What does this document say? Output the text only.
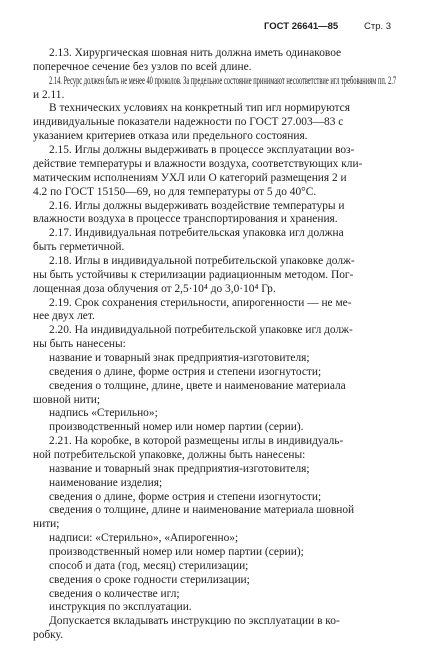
ГОСТ 26641—85	Стр. 3
2.13. Хирургическая шовная нить должна иметь одинаковое
поперечное сечение без узлов по всей длине.
2.14. Ресурс должен быть не менее 40 проколов. За предельное состояние принимают несоответствие игл требованиям пп. 2.7
и 2.11.
В технических условиях на конкретный тип игл нормируются
индивидуальные показатели надежности по ГОСТ 27.003—83 с
указанием критериев отказа или предельного состояния.
2.15. Иглы должны выдерживать в процессе эксплуатации воз-
действие температуры и влажности воздуха, соответствующих кли-
матическим исполнениям УХЛ или О категорий размещения 2 и
4.2 по ГОСТ 15150—69, но для температуры от 5 до 40°С.
2.16. Иглы должны выдерживать воздействие температуры и
влажности воздуха в процессе транспортирования и хранения.
2.17. Индивидуальная потребительская упаковка игл должна
быть герметичной.
2.18. Иглы в индивидуальной потребительской упаковке долж-
ны быть устойчивы к стерилизации радиационным методом. Пог-
лощенная доза облучения от 2,5·10⁴ до 3,0·10⁴ Гр.
2.19. Срок сохранения стерильности, апирогенности — не ме-
нее двух лет.
2.20. На индивидуальной потребительской упаковке игл долж-
ны быть нанесены:
название и товарный знак предприятия-изготовителя;
сведения о длине, форме острия и степени изогнутости;
сведения о толщине, длине, цвете и наименование материала
шовной нити;
надпись «Стерильно»;
производственный номер или номер партии (серии).
2.21. На коробке, в которой размещены иглы в индивидуаль-
ной потребительской упаковке, должны быть нанесены:
название и товарный знак предприятия-изготовителя;
наименование изделия;
сведения о длине, форме острия и степени изогнутости;
сведения о толщине, длине и наименование материала шовной
нити;
надписи: «Стерильно», «Апирогенно»;
производственный номер или номер партии (серии);
способ и дата (год, месяц) стерилизации;
сведения о сроке годности стерилизации;
сведения о количестве игл;
инструкция по эксплуатации.
Допускается вкладывать инструкцию по эксплуатации в ко-
робку.
